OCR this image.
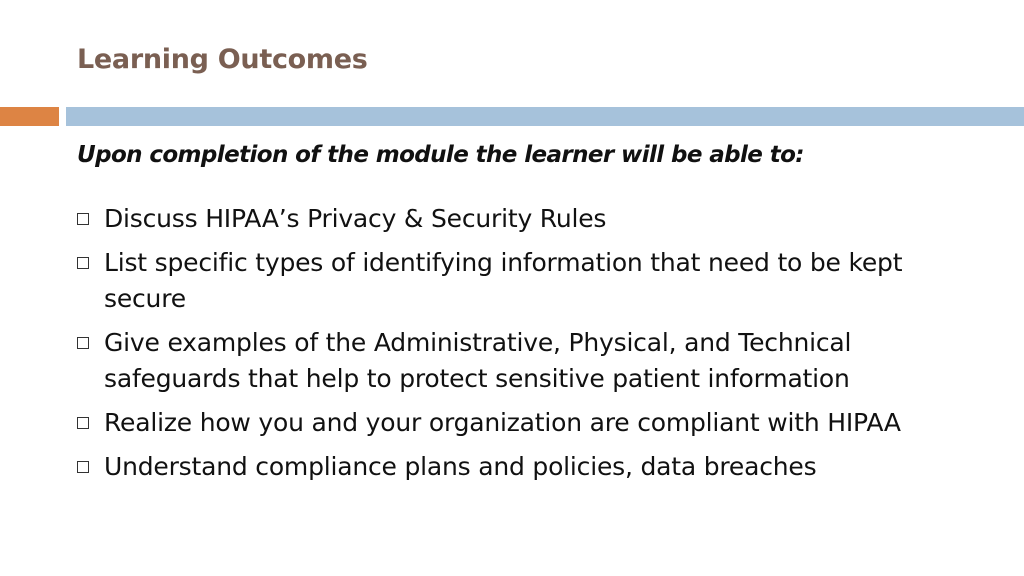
Learning Outcomes
Upon completion of the module the learner will be able to:
Discuss HIPAA’s Privacy & Security Rules
List specific types of identifying information that need to be kept secure
Give examples of the Administrative, Physical, and Technical safeguards that help to protect sensitive patient information
Realize how you and your organization are compliant with HIPAA
Understand compliance plans and policies, data breaches
